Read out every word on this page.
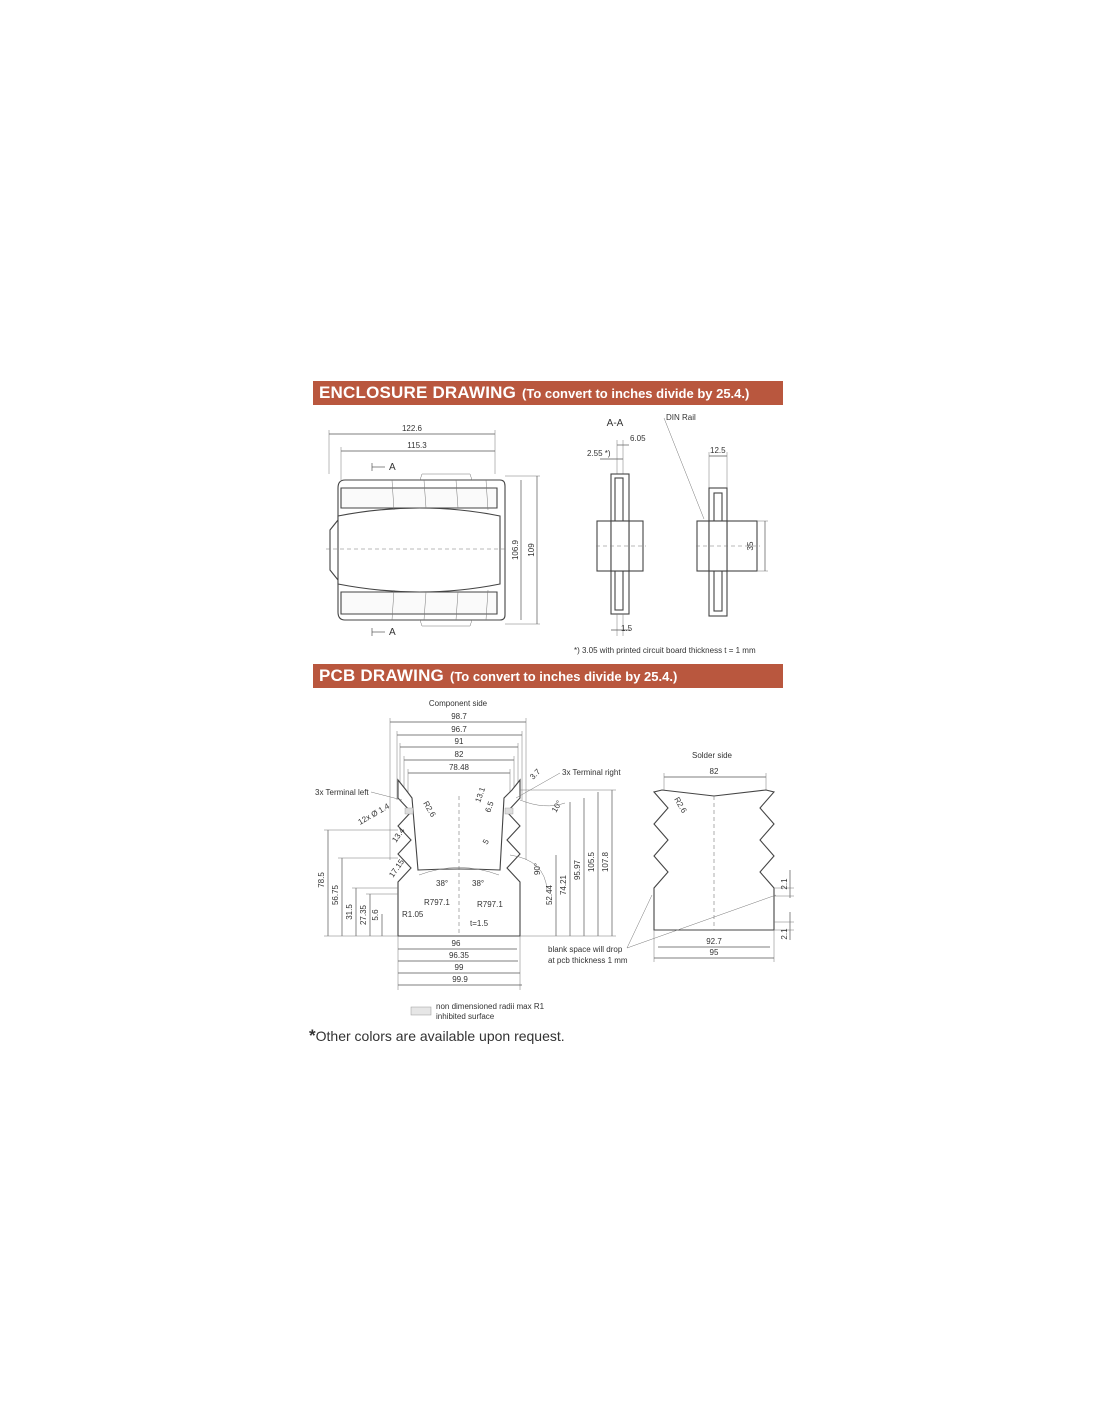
ENCLOSURE DRAWING (To convert to inches divide by 25.4.)
PCB DRAWING (To convert to inches divide by 25.4.)
122.6
115.3
A
106.9 109
A
A-A
6.05
2.55 *)
1.5
DIN Rail
12.5
35
*) 3.05 with printed circuit board thickness t = 1 mm
Component side
98.7
96.7
91
82
78.48
3x Terminal left
3x Terminal right
12x Ø 1.4	R2.6
13.1
6.5
3.7
10°
13.4
17.15
5
90°
38°	38°
R797.1	R797.1
R1.05
t=1.5
78.5
56.75
31.5 27.35 5.6
52.44 74.21
95.97 105.5 107.8
96
96.35
99
99.9
Solder side
82
R2.6
2.1
2.1
92.7
95
blank space will drop
at pcb thickness 1 mm
non dimensioned radii max R1
inhibited surface
*Other colors are available upon request.
